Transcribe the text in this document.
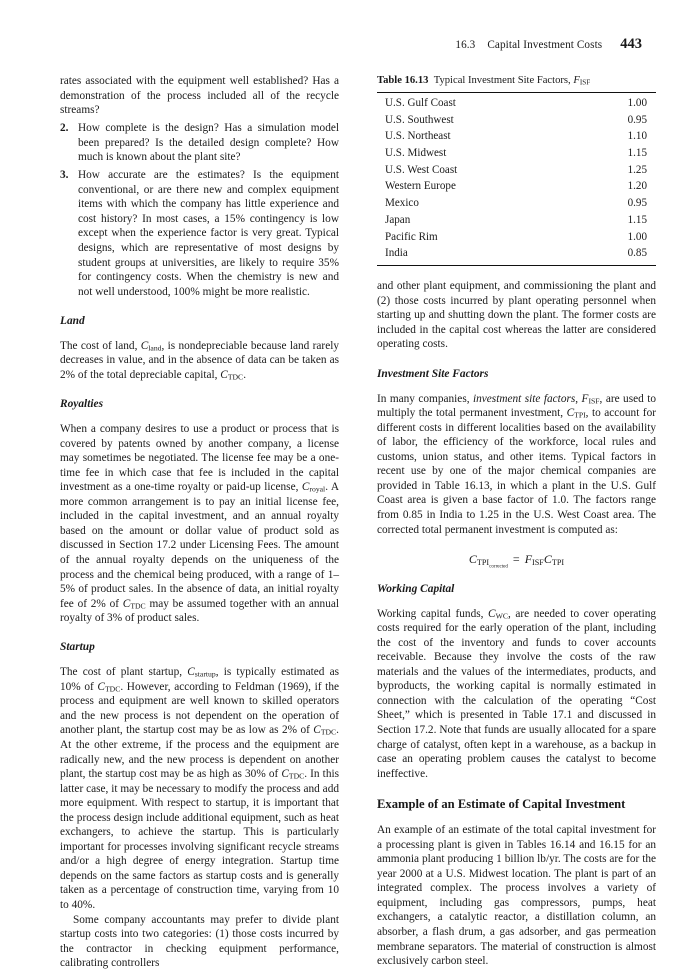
16.3 Capital Investment Costs 443

rates associated with the equipment well established? Has a demonstration of the process included all of the recycle streams?

2. How complete is the design? Has a simulation model been prepared? Is the detailed design complete? How much is known about the plant site?
3. How accurate are the estimates? Is the equipment conventional, or are there new and complex equipment items with which the company has little experience and cost history? In most cases, a 15% contingency is low except when the experience factor is very great. Typical designs, which are representative of most designs by student groups at universities, are likely to require 35% for contingency costs. When the chemistry is new and not well understood, 100% might be more realistic.
Land

The cost of land, $C_{land}$, is nondepreciable because land rarely decreases in value, and in the absence of data can be taken as 2% of the total depreciable capital, $C_{TDC}$.

Royalties

When a company desires to use a product or process that is covered by patents owned by another company, a license may sometimes be negotiated. The license fee may be a one-time fee in which case that fee is included in the capital investment as a one-time royalty or paid-up license, $C_{royal}$. A more common arrangement is to pay an initial license fee, included in the capital investment, and an annual royalty based on the amount or dollar value of product sold as discussed in Section 17.2 under Licensing Fees. The amount of the annual royalty depends on the uniqueness of the process and the chemical being produced, with a range of 1–5% of product sales. In the absence of data, an initial royalty fee of 2% of $C_{TDC}$ may be assumed together with an annual royalty of 3% of product sales.

Startup

The cost of plant startup, $C_{startup}$, is typically estimated as 10% of $C_{TDC}$. However, according to Feldman (1969), if the process and equipment are well known to skilled operators and the new process is not dependent on the operation of another plant, the startup cost may be as low as 2% of $C_{TDC}$. At the other extreme, if the process and the equipment are radically new, and the new process is dependent on another plant, the startup cost may be as high as 30% of $C_{TDC}$. In this latter case, it may be necessary to modify the process and add more equipment. With respect to startup, it is important that the process design include additional equipment, such as heat exchangers, to achieve the startup. This is particularly important for processes involving significant recycle streams and/or a high degree of energy integration. Startup time depends on the same factors as startup costs and is generally taken as a percentage of construction time, varying from 10 to 40%.

Some company accountants may prefer to divide plant startup costs into two categories: (1) those costs incurred by the contractor in checking equipment performance, calibrating controllers

Table 16.13 Typical Investment Site Factors, $F_{ISF}$
U.S. Gulf Coast	1.00
U.S. Southwest	0.95
U.S. Northeast	1.10
U.S. Midwest	1.15
U.S. West Coast	1.25
Western Europe	1.20
Mexico	0.95
Japan	1.15
Pacific Rim	1.00
India	0.85

and other plant equipment, and commissioning the plant and (2) those costs incurred by plant operating personnel when starting up and shutting down the plant. The former costs are included in the capital cost whereas the latter are considered operating costs.

Investment Site Factors

In many companies, investment site factors, $F_{ISF}$, are used to multiply the total permanent investment, $C_{TPI}$, to account for different costs in different localities based on the availability of labor, the efficiency of the workforce, local rules and customs, union status, and other items. Typical factors in recent use by one of the major chemical companies are provided in Table 16.13, in which a plant in the U.S. Gulf Coast area is given a base factor of 1.0. The factors range from 0.85 in India to 1.25 in the U.S. West Coast area. The corrected total permanent investment is computed as:

$C_{TPI_{corrected}}= F_{ISF}C_{TPI}$
Working Capital

Working capital funds, $C_{WC}$, are needed to cover operating costs required for the early operation of the plant, including the cost of the inventory and funds to cover accounts receivable. Because they involve the costs of the raw materials and the values of the intermediates, products, and byproducts, the working capital is normally estimated in connection with the calculation of the operating “Cost Sheet,” which is presented in Table 17.1 and discussed in Section 17.2. Note that funds are usually allocated for a spare charge of catalyst, often kept in a warehouse, as a backup in case an operating problem causes the catalyst to become ineffective.

Example of an Estimate of Capital Investment

An example of an estimate of the total capital investment for a processing plant is given in Tables 16.14 and 16.15 for an ammonia plant producing 1 billion lb/yr. The costs are for the year 2000 at a U.S. Midwest location. The plant is part of an integrated complex. The process involves a variety of equipment, including gas compressors, pumps, heat exchangers, a catalytic reactor, a distillation column, an absorber, a flash drum, a gas adsorber, and gas permeation membrane separators. The material of construction is almost exclusively carbon steel.
